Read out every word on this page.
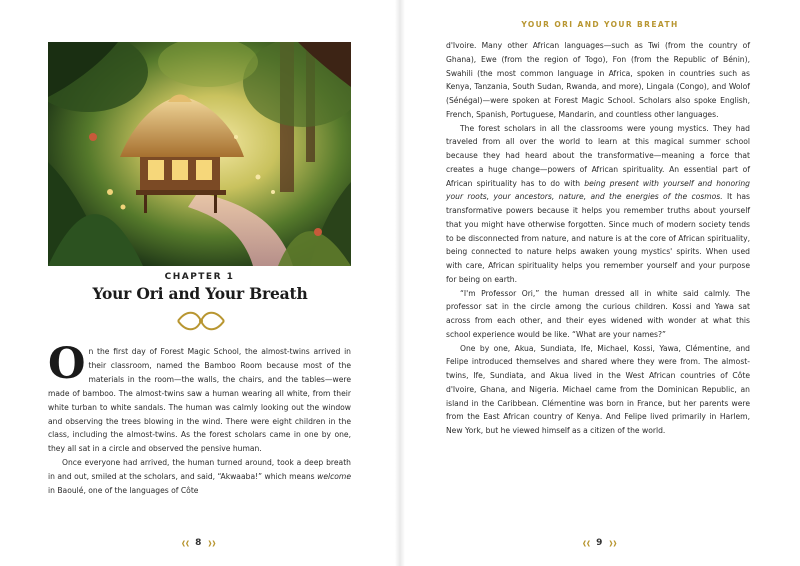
CHAPTER 1
Your Ori and Your Breath

On the first day of Forest Magic School, the almost-twins arrived in their classroom, named the Bamboo Room because most of the materials in the room—the walls, the chairs, and the tables—were made of bamboo. The almost-twins saw a human wearing all white, from their white turban to white sandals. The human was calmly looking out the window and observing the trees blowing in the wind. There were eight children in the class, including the almost-twins. As the forest scholars came in one by one, they all sat in a circle and observed the pensive human.

Once everyone had arrived, the human turned around, took a deep breath in and out, smiled at the scholars, and said, “Akwaaba!” which means welcome in Baoulé, one of the languages of Côte

❰❰ 8 ❱❱
YOUR ORI AND YOUR BREATH

d'Ivoire. Many other African languages—such as Twi (from the country of Ghana), Ewe (from the region of Togo), Fon (from the Republic of Bénin), Swahili (the most common language in Africa, spoken in countries such as Kenya, Tanzania, South Sudan, Rwanda, and more), Lingala (Congo), and Wolof (Sénégal)—were spoken at Forest Magic School. Scholars also spoke English, French, Spanish, Portuguese, Mandarin, and countless other languages.

The forest scholars in all the classrooms were young mystics. They had traveled from all over the world to learn at this magical summer school because they had heard about the transformative—meaning a force that creates a huge change—powers of African spirituality. An essential part of African spirituality has to do with being present with yourself and honoring your roots, your ancestors, nature, and the energies of the cosmos. It has transformative powers because it helps you remember truths about yourself that you might have otherwise forgotten. Since much of modern society tends to be disconnected from nature, and nature is at the core of African spirituality, being connected to nature helps awaken young mystics' spirits. When used with care, African spirituality helps you remember yourself and your purpose for being on earth.

“I'm Professor Ori,” the human dressed all in white said calmly. The professor sat in the circle among the curious children. Kossi and Yawa sat across from each other, and their eyes widened with wonder at what this school experience would be like. “What are your names?”

One by one, Akua, Sundiata, Ife, Michael, Kossi, Yawa, Clémentine, and Felipe introduced themselves and shared where they were from. The almost-twins, Ife, Sundiata, and Akua lived in the West African countries of Côte d'Ivoire, Ghana, and Nigeria. Michael came from the Dominican Republic, an island in the Caribbean. Clémentine was born in France, but her parents were from the East African country of Kenya. And Felipe lived primarily in Harlem, New York, but he viewed himself as a citizen of the world.

❰❰ 9 ❱❱
